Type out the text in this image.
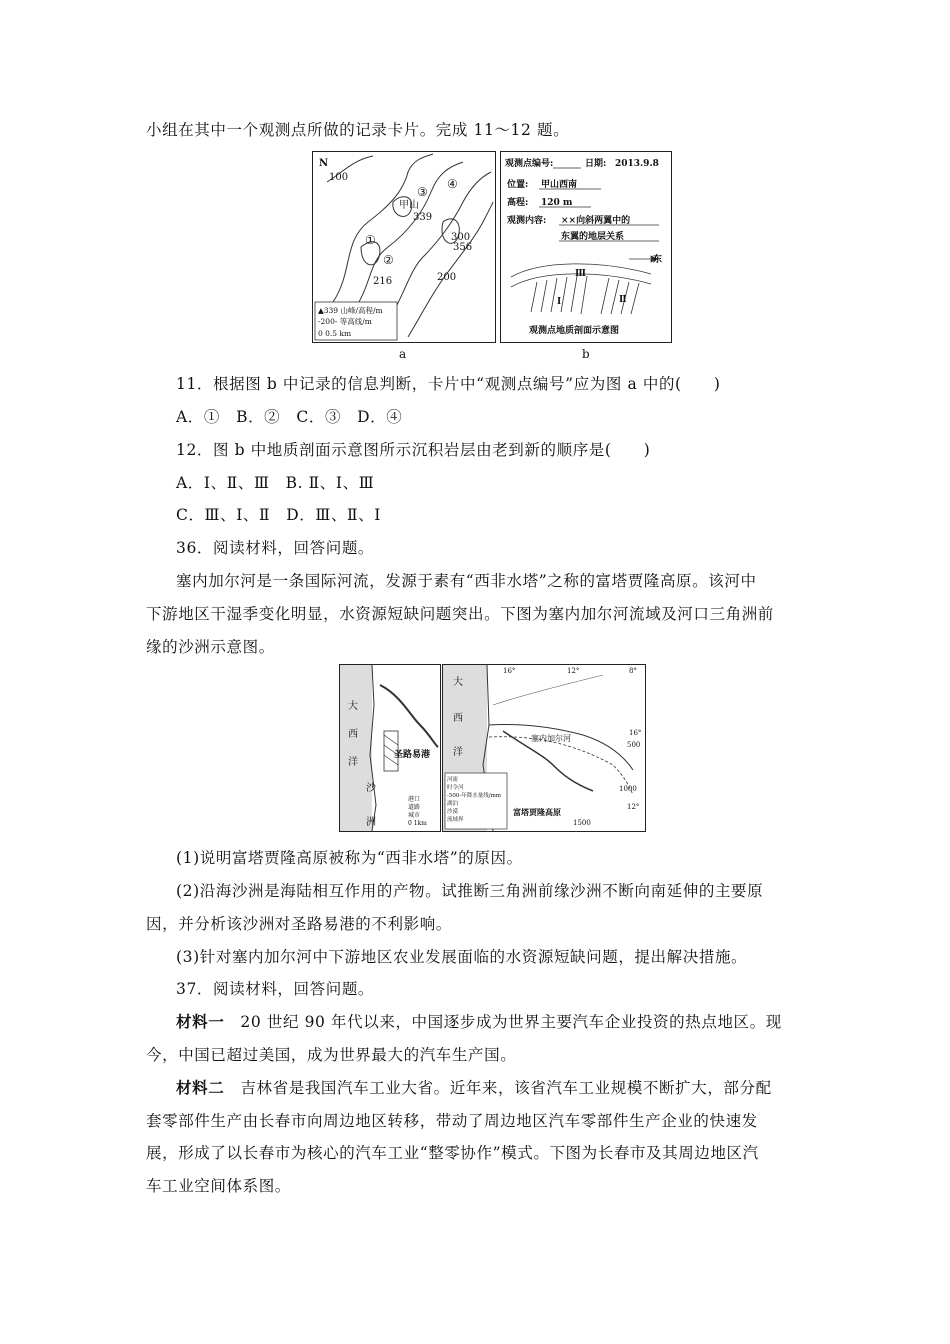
小组在其中一个观测点所做的记录卡片。完成 11～12 题。
N
100
甲山
339
356
300
200
216
①
②
③
④
▲339 山峰/高程/m
-200- 等高线/m
0 0.5 km
a
观测点编号:	日期: 2013.9.8
位置: 甲山西南
高程: 120 m
观测内容: ××向斜两翼中的
东翼的地层关系
东
Ⅲ
Ⅰ	Ⅱ
观测点地质剖面示意图
b
11．根据图 b 中记录的信息判断，卡片中“观测点编号”应为图 a 中的(　　)
A．①　B．②　C．③　D．④
12．图 b 中地质剖面示意图所示沉积岩层由老到新的顺序是(　　)
A．Ⅰ、Ⅱ、Ⅲ　B. Ⅱ、Ⅰ、Ⅲ
C．Ⅲ、Ⅰ、Ⅱ　D．Ⅲ、Ⅱ、Ⅰ
36．阅读材料，回答问题。
塞内加尔河是一条国际河流，发源于素有“西非水塔”之称的富塔贾隆高原。该河中
下游地区干湿季变化明显，水资源短缺问题突出。下图为塞内加尔河流域及河口三角洲前
缘的沙洲示意图。
大
西
洋
沙
洲
圣路易港
港口
道路
城市
0 1km
大
西
洋
富塔贾隆高原
塞内加尔河
16°	12°	8°
16°
12°
500
1000
1500
河流
时令河
-500-年降水量线/mm
湖泊
沙漠
流域界
(1)说明富塔贾隆高原被称为“西非水塔”的原因。
(2)沿海沙洲是海陆相互作用的产物。试推断三角洲前缘沙洲不断向南延伸的主要原
因，并分析该沙洲对圣路易港的不利影响。
(3)针对塞内加尔河中下游地区农业发展面临的水资源短缺问题，提出解决措施。
37．阅读材料，回答问题。
材料一　20 世纪 90 年代以来，中国逐步成为世界主要汽车企业投资的热点地区。现
今，中国已超过美国，成为世界最大的汽车生产国。
材料二　吉林省是我国汽车工业大省。近年来，该省汽车工业规模不断扩大，部分配
套零部件生产由长春市向周边地区转移，带动了周边地区汽车零部件生产企业的快速发
展，形成了以长春市为核心的汽车工业“整零协作”模式。下图为长春市及其周边地区汽
车工业空间体系图。
